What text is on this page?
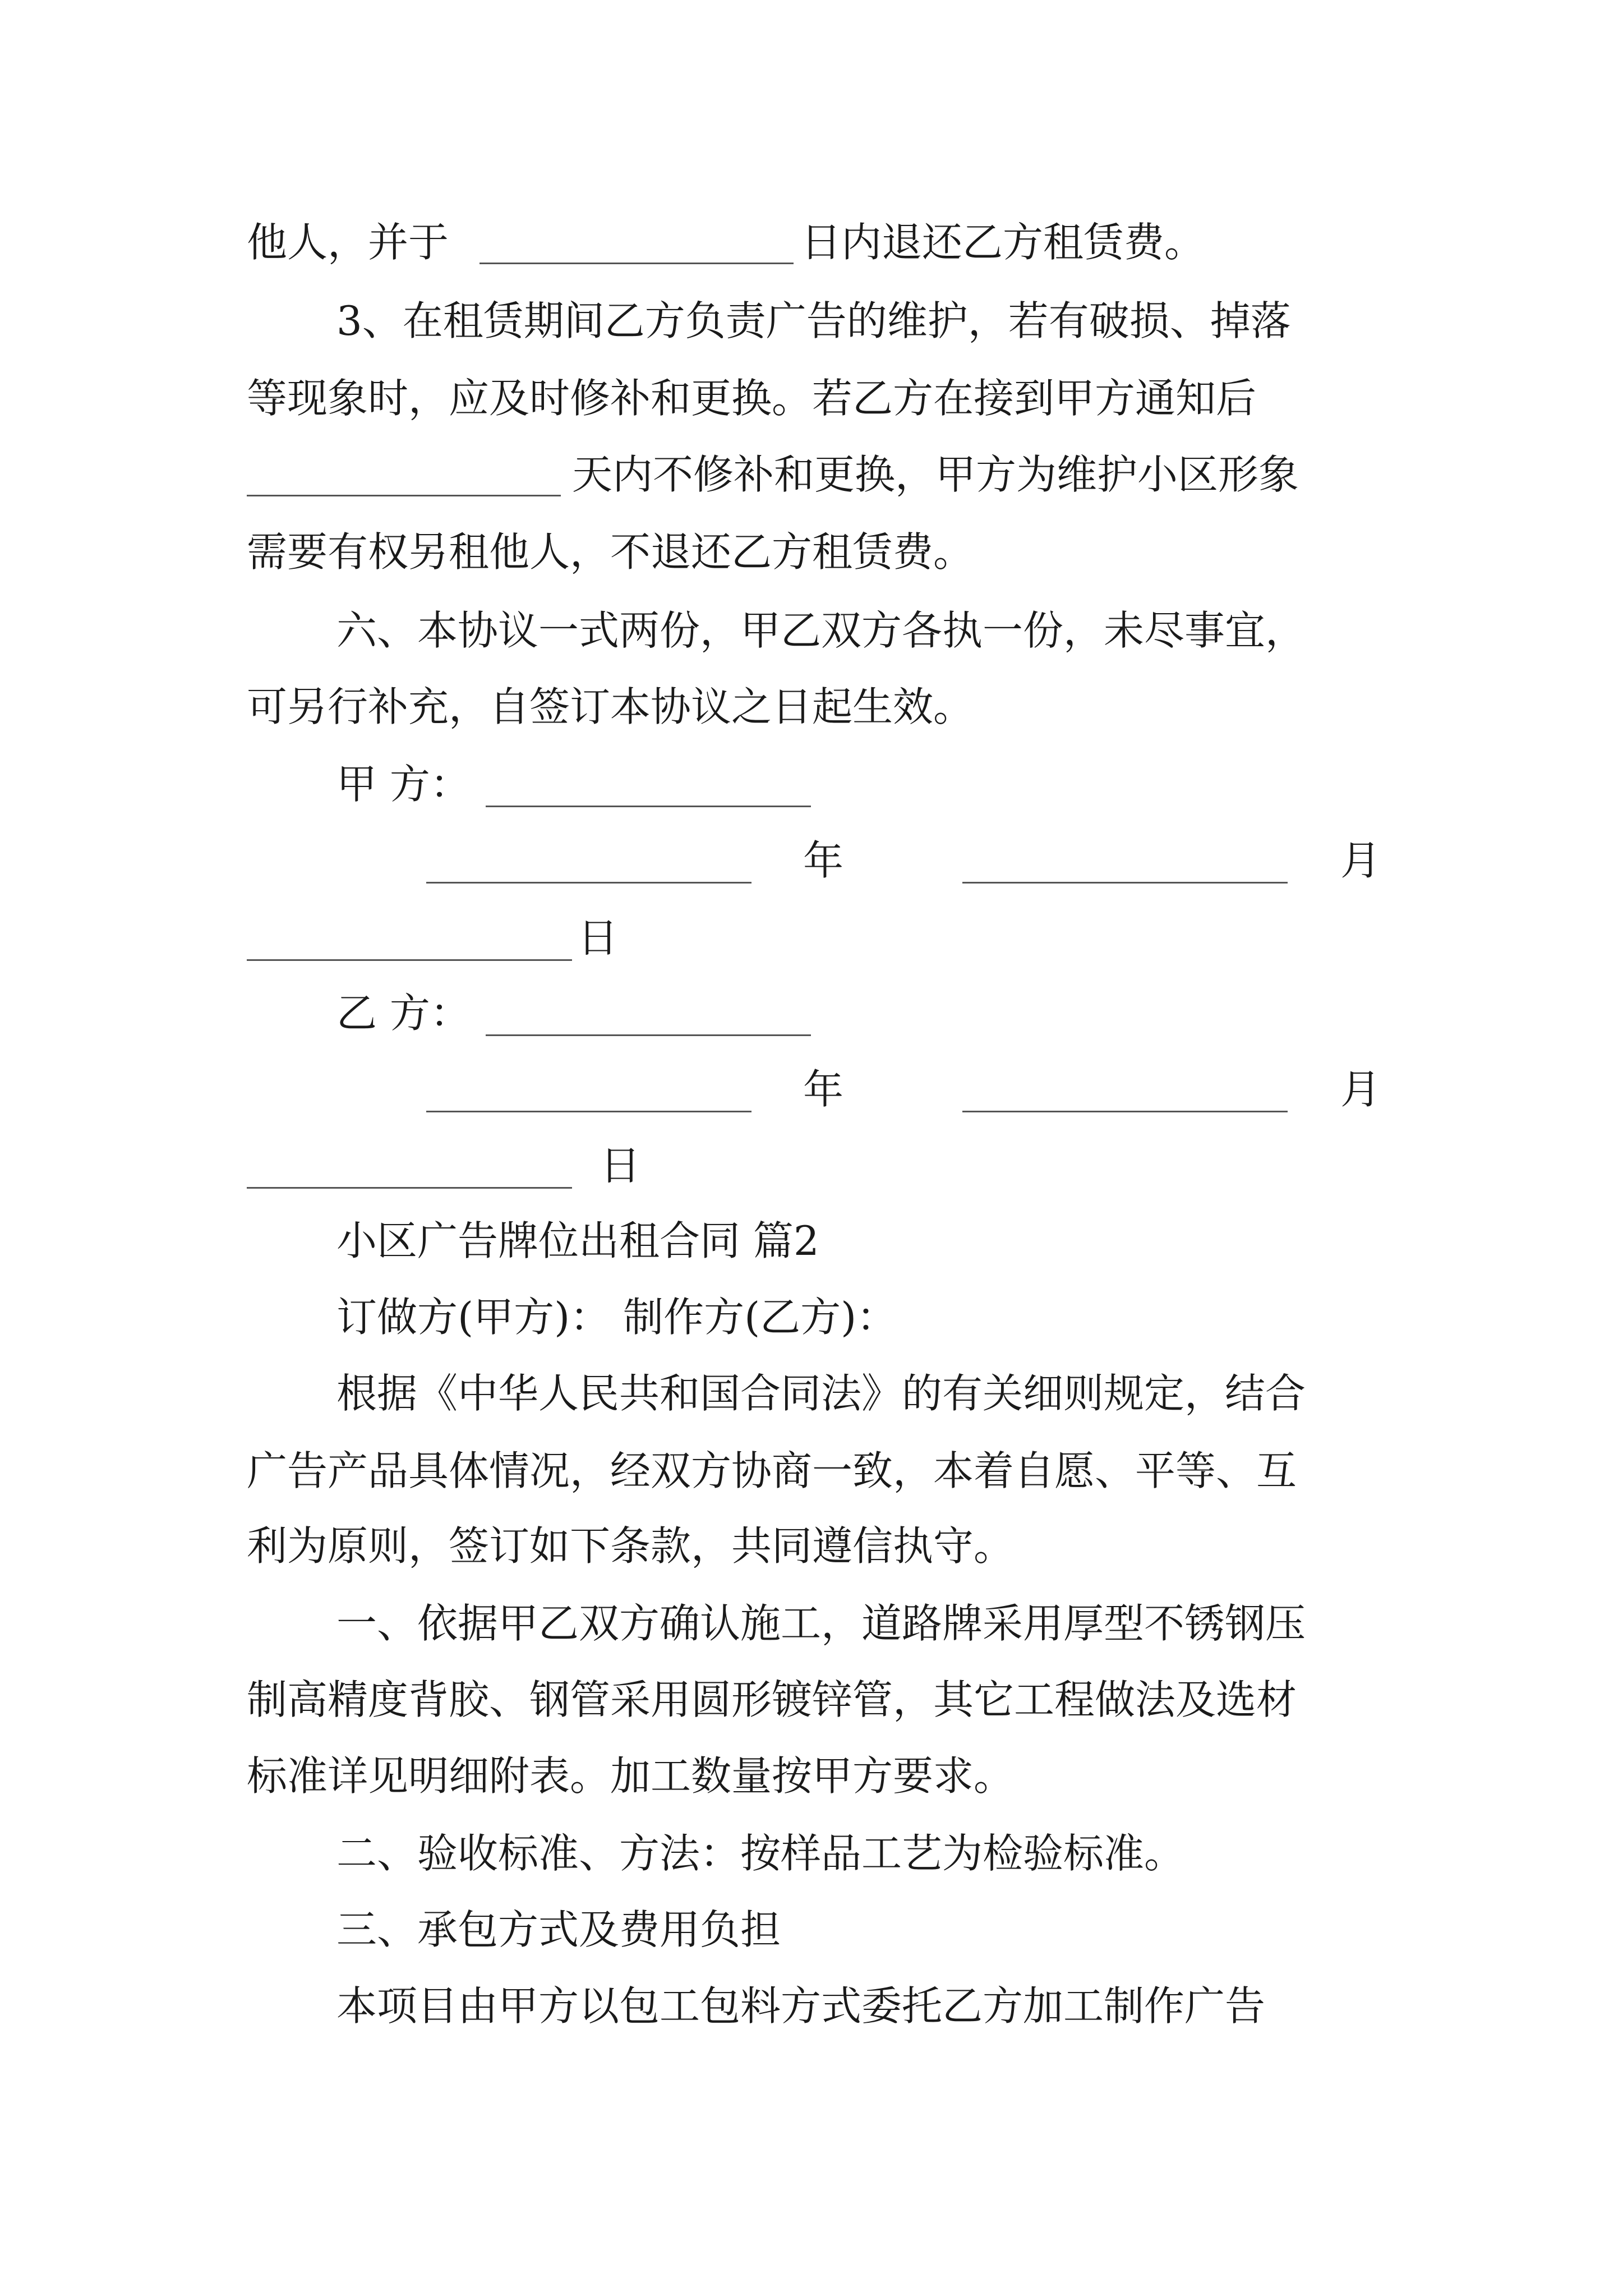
他人，并于	日内退还乙方租赁费。
3、在租赁期间乙方负责广告的维护，若有破损、掉落
等现象时，应及时修补和更换。若乙方在接到甲方通知后
天内不修补和更换，甲方为维护小区形象
需要有权另租他人，不退还乙方租赁费。
六、本协议一式两份，甲乙双方各执一份，未尽事宜，
可另行补充，自签订本协议之日起生效。
甲 方：
年	月
日
乙 方：
年	月
日
小区广告牌位出租合同 篇2
订做方(甲方)： 制作方(乙方)：
根据《中华人民共和国合同法》的有关细则规定，结合
广告产品具体情况，经双方协商一致，本着自愿、平等、互
利为原则，签订如下条款，共同遵信执守。
一、依据甲乙双方确认施工，道路牌采用厚型不锈钢压
制高精度背胶、钢管采用圆形镀锌管，其它工程做法及选材
标准详见明细附表。加工数量按甲方要求。
二、验收标准、方法：按样品工艺为检验标准。
三、承包方式及费用负担
本项目由甲方以包工包料方式委托乙方加工制作广告
